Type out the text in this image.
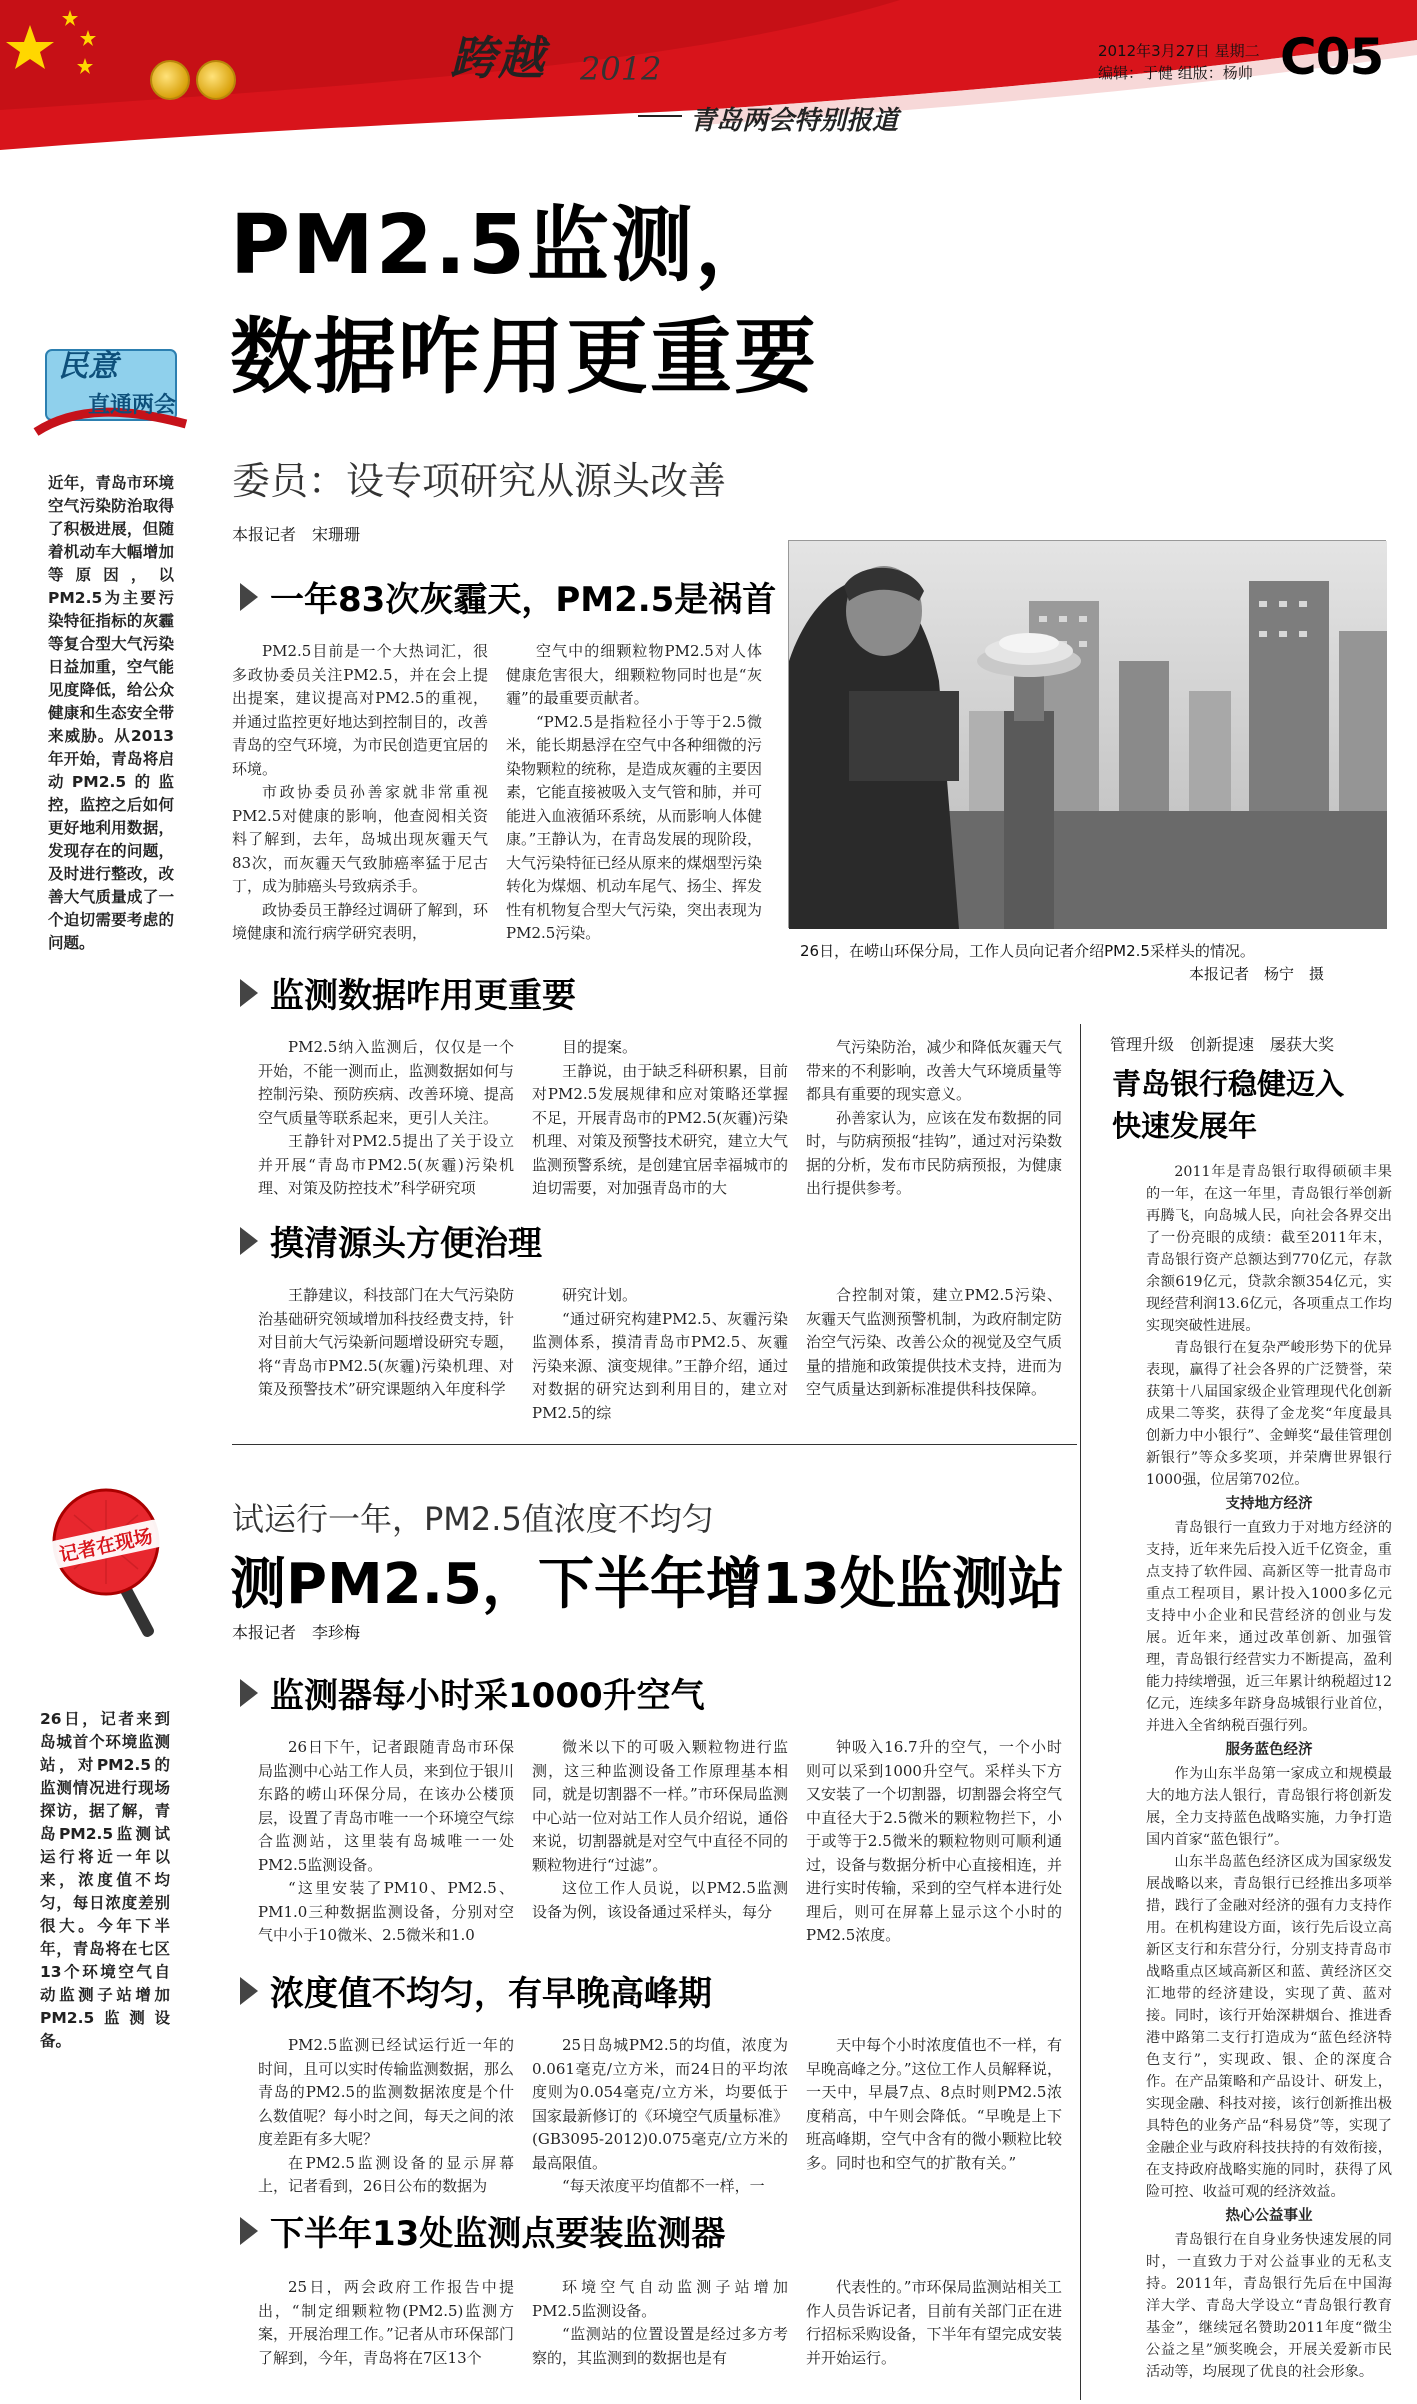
跨越 2012
青岛两会特别报道
2012年3月27日 星期二
编辑：于健 组版：杨帅 C05
民意
直通两会
PM2.5监测，
数据咋用更重要
委员：设专项研究从源头改善
本报记者　宋珊珊
近年，青岛市环境空气污染防治取得了积极进展，但随着机动车大幅增加等原因，以PM2.5为主要污染特征指标的灰霾等复合型大气污染日益加重，空气能见度降低，给公众健康和生态安全带来威胁。从2013年开始，青岛将启动PM2.5的监控，监控之后如何更好地利用数据，发现存在的问题，及时进行整改，改善大气质量成了一个迫切需要考虑的问题。	26日，在崂山环保分局，工作人员向记者介绍PM2.5采样头的情况。
本报记者　杨宁　摄
一年83次灰霾天，PM2.5是祸首

PM2.5目前是一个大热词汇，很多政协委员关注PM2.5，并在会上提出提案，建议提高对PM2.5的重视，并通过监控更好地达到控制目的，改善青岛的空气环境，为市民创造更宜居的环境。

市政协委员孙善家就非常重视PM2.5对健康的影响，他查阅相关资料了解到，去年，岛城出现灰霾天气83次，而灰霾天气致肺癌率猛于尼古丁，成为肺癌头号致病杀手。

政协委员王静经过调研了解到，环境健康和流行病学研究表明，

空气中的细颗粒物PM2.5对人体健康危害很大，细颗粒物同时也是“灰霾”的最重要贡献者。

“PM2.5是指粒径小于等于2.5微米，能长期悬浮在空气中各种细微的污染物颗粒的统称，是造成灰霾的主要因素，它能直接被吸入支气管和肺，并可能进入血液循环系统，从而影响人体健康。”王静认为，在青岛发展的现阶段，大气污染特征已经从原来的煤烟型污染转化为煤烟、机动车尾气、扬尘、挥发性有机物复合型大气污染，突出表现为PM2.5污染。

监测数据咋用更重要

PM2.5纳入监测后，仅仅是一个开始，不能一测而止，监测数据如何与控制污染、预防疾病、改善环境、提高空气质量等联系起来，更引人关注。

王静针对PM2.5提出了关于设立并开展“青岛市PM2.5(灰霾)污染机理、对策及防控技术”科学研究项

目的提案。

王静说，由于缺乏科研积累，目前对PM2.5发展规律和应对策略还掌握不足，开展青岛市的PM2.5(灰霾)污染机理、对策及预警技术研究，建立大气监测预警系统，是创建宜居幸福城市的迫切需要，对加强青岛市的大

气污染防治，减少和降低灰霾天气带来的不利影响，改善大气环境质量等都具有重要的现实意义。

孙善家认为，应该在发布数据的同时，与防病预报“挂钩”，通过对污染数据的分析，发布市民防病预报，为健康出行提供参考。

摸清源头方便治理

王静建议，科技部门在大气污染防治基础研究领域增加科技经费支持，针对目前大气污染新问题增设研究专题，将“青岛市PM2.5(灰霾)污染机理、对策及预警技术”研究课题纳入年度科学

研究计划。

“通过研究构建PM2.5、灰霾污染监测体系，摸清青岛市PM2.5、灰霾污染来源、演变规律。”王静介绍，通过对数据的研究达到利用目的，建立对PM2.5的综

合控制对策，建立PM2.5污染、灰霾天气监测预警机制，为政府制定防治空气污染、改善公众的视觉及空气质量的措施和政策提供技术支持，进而为空气质量达到新标准提供科技保障。

记者在现场
试运行一年，PM2.5值浓度不均匀
测PM2.5，下半年增13处监测站
本报记者　李珍梅
26日，记者来到岛城首个环境监测站，对PM2.5的监测情况进行现场探访，据了解，青岛PM2.5监测试运行将近一年以来，浓度值不均匀，每日浓度差别很大。今年下半年，青岛将在七区13个环境空气自动监测子站增加PM2.5监测设备。
监测器每小时采1000升空气

26日下午，记者跟随青岛市环保局监测中心站工作人员，来到位于银川东路的崂山环保分局，在该办公楼顶层，设置了青岛市唯一一个环境空气综合监测站，这里装有岛城唯一一处PM2.5监测设备。

“这里安装了PM10、PM2.5、PM1.0三种数据监测设备，分别对空气中小于10微米、2.5微米和1.0

微米以下的可吸入颗粒物进行监测，这三种监测设备工作原理基本相同，就是切割器不一样。”市环保局监测中心站一位对站工作人员介绍说，通俗来说，切割器就是对空气中直径不同的颗粒物进行“过滤”。

这位工作人员说，以PM2.5监测设备为例，该设备通过采样头，每分

钟吸入16.7升的空气，一个小时则可以采到1000升空气。采样头下方又安装了一个切割器，切割器会将空气中直径大于2.5微米的颗粒物拦下，小于或等于2.5微米的颗粒物则可顺利通过，设备与数据分析中心直接相连，并进行实时传输，采到的空气样本进行处理后，则可在屏幕上显示这个小时的PM2.5浓度。

浓度值不均匀，有早晚高峰期

PM2.5监测已经试运行近一年的时间，且可以实时传输监测数据，那么青岛的PM2.5的监测数据浓度是个什么数值呢？每小时之间，每天之间的浓度差距有多大呢？

在PM2.5监测设备的显示屏幕上，记者看到，26日公布的数据为

25日岛城PM2.5的均值，浓度为0.061毫克/立方米，而24日的平均浓度则为0.054毫克/立方米，均要低于国家最新修订的《环境空气质量标准》(GB3095-2012)0.075毫克/立方米的最高限值。

“每天浓度平均值都不一样，一

天中每个小时浓度值也不一样，有早晚高峰之分。”这位工作人员解释说，一天中，早晨7点、8点时则PM2.5浓度稍高，中午则会降低。“早晚是上下班高峰期，空气中含有的微小颗粒比较多。同时也和空气的扩散有关。”

下半年13处监测点要装监测器

25日，两会政府工作报告中提出，“制定细颗粒物(PM2.5)监测方案，开展治理工作。”记者从市环保部门了解到，今年，青岛将在7区13个

环境空气自动监测子站增加PM2.5监测设备。

“监测站的位置设置是经过多方考察的，其监测到的数据也是有

代表性的。”市环保局监测站相关工作人员告诉记者，目前有关部门正在进行招标采购设备，下半年有望完成安装并开始运行。

管理升级　创新提速　屡获大奖
青岛银行稳健迈入
快速发展年

2011年是青岛银行取得硕硕丰果的一年，在这一年里，青岛银行举创新再腾飞，向岛城人民，向社会各界交出了一份亮眼的成绩：截至2011年末，青岛银行资产总额达到770亿元，存款余额619亿元，贷款余额354亿元，实现经营利润13.6亿元，各项重点工作均实现突破性进展。

青岛银行在复杂严峻形势下的优异表现，赢得了社会各界的广泛赞誉，荣获第十八届国家级企业管理现代化创新成果二等奖，获得了金龙奖“年度最具创新力中小银行”、金蝉奖“最佳管理创新银行”等众多奖项，并荣膺世界银行1000强，位居第702位。

支持地方经济

青岛银行一直致力于对地方经济的支持，近年来先后投入近千亿资金，重点支持了软件园、高新区等一批青岛市重点工程项目，累计投入1000多亿元支持中小企业和民营经济的创业与发展。近年来，通过改革创新、加强管理，青岛银行经营实力不断提高，盈利能力持续增强，近三年累计纳税超过12亿元，连续多年跻身岛城银行业首位，并进入全省纳税百强行列。

服务蓝色经济

作为山东半岛第一家成立和规模最大的地方法人银行，青岛银行将创新发展，全力支持蓝色战略实施，力争打造国内首家“蓝色银行”。

山东半岛蓝色经济区成为国家级发展战略以来，青岛银行已经推出多项举措，践行了金融对经济的强有力支持作用。在机构建设方面，该行先后设立高新区支行和东营分行，分别支持青岛市战略重点区域高新区和蓝、黄经济区交汇地带的经济建设，实现了黄、蓝对接。同时，该行开始深耕烟台、推进香港中路第二支行打造成为“蓝色经济特色支行”，实现政、银、企的深度合作。在产品策略和产品设计、研发上，实现金融、科技对接，该行创新推出极具特色的业务产品“科易贷”等，实现了金融企业与政府科技扶持的有效衔接，在支持政府战略实施的同时，获得了风险可控、收益可观的经济效益。

热心公益事业

青岛银行在自身业务快速发展的同时，一直致力于对公益事业的无私支持。2011年，青岛银行先后在中国海洋大学、青岛大学设立“青岛银行教育基金”，继续冠名赞助2011年度“微尘公益之星”颁奖晚会，开展关爱新市民活动等，均展现了优良的社会形象。
